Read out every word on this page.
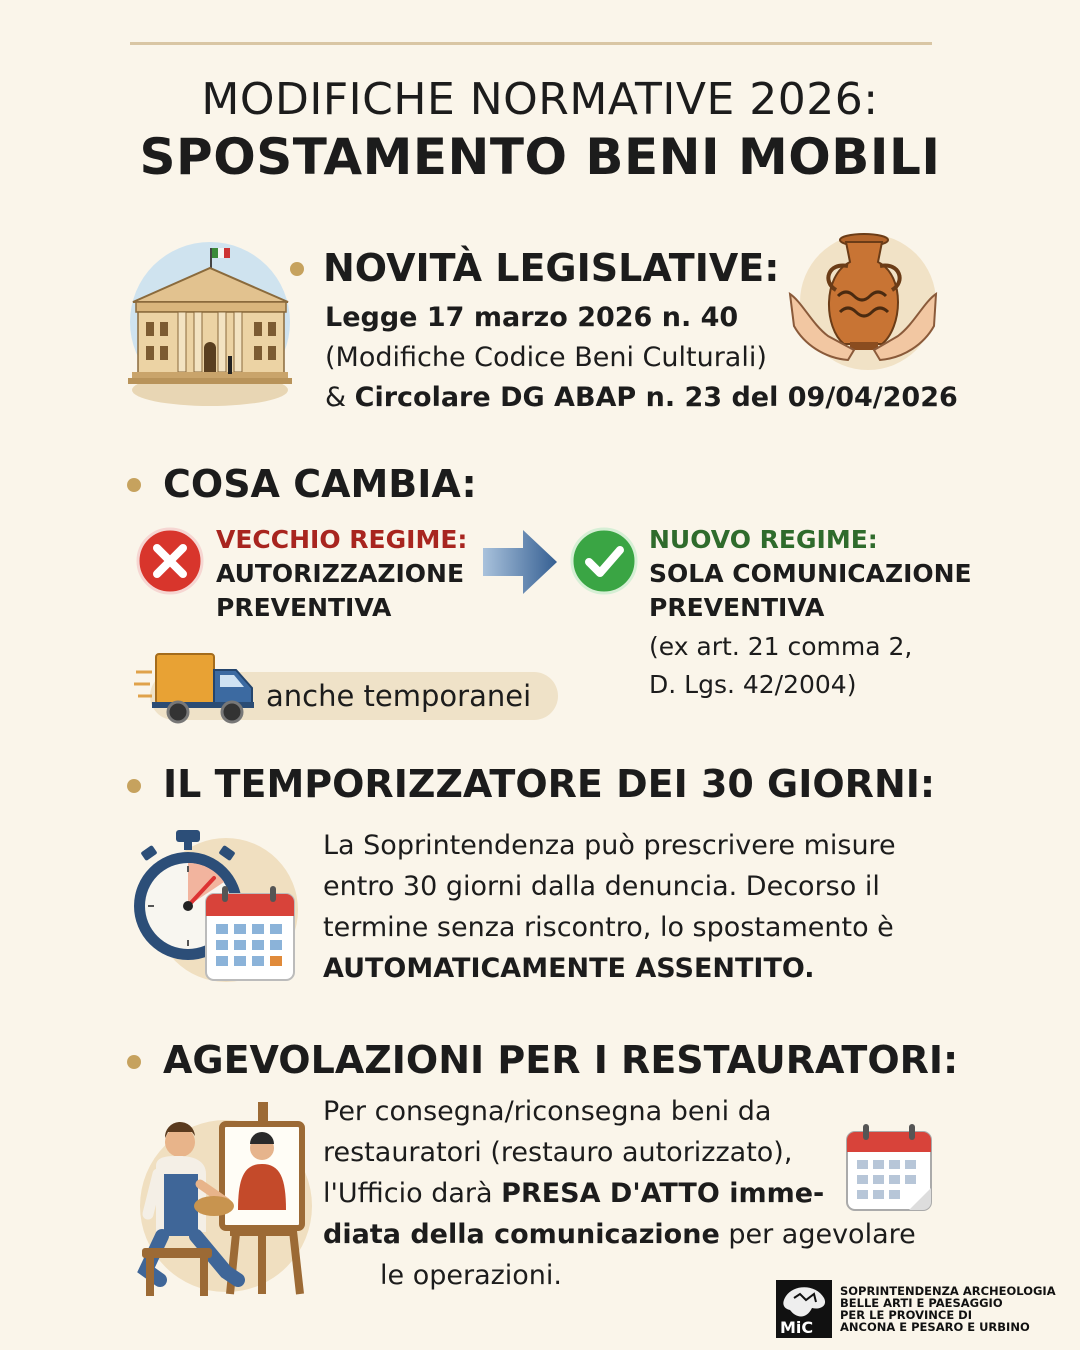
MODIFICHE NORMATIVE 2026:
SPOSTAMENTO BENI MOBILI
NOVITÀ LEGISLATIVE:
Legge 17 marzo 2026 n. 40
(Modifiche Codice Beni Culturali)
& Circolare DG ABAP n. 23 del 09/04/2026
COSA CAMBIA:
VECCHIO REGIME:
AUTORIZZAZIONE
PREVENTIVA
NUOVO REGIME:
SOLA COMUNICAZIONE
PREVENTIVA
(ex art. 21 comma 2,
D. Lgs. 42/2004)
anche temporanei
IL TEMPORIZZATORE DEI 30 GIORNI:
La Soprintendenza può prescrivere misure
entro 30 giorni dalla denuncia. Decorso il
termine senza riscontro, lo spostamento è
AUTOMATICAMENTE ASSENTITO.
AGEVOLAZIONI PER I RESTAURATORI:
Per consegna/riconsegna beni da
restauratori (restauro autorizzato),
l'Ufficio darà PRESA D'ATTO imme-
diata della comunicazione per agevolare
le operazioni.
MiC
SOPRINTENDENZA ARCHEOLOGIA
BELLE ARTI E PAESAGGIO
PER LE PROVINCE DI
ANCONA E PESARO E URBINO
